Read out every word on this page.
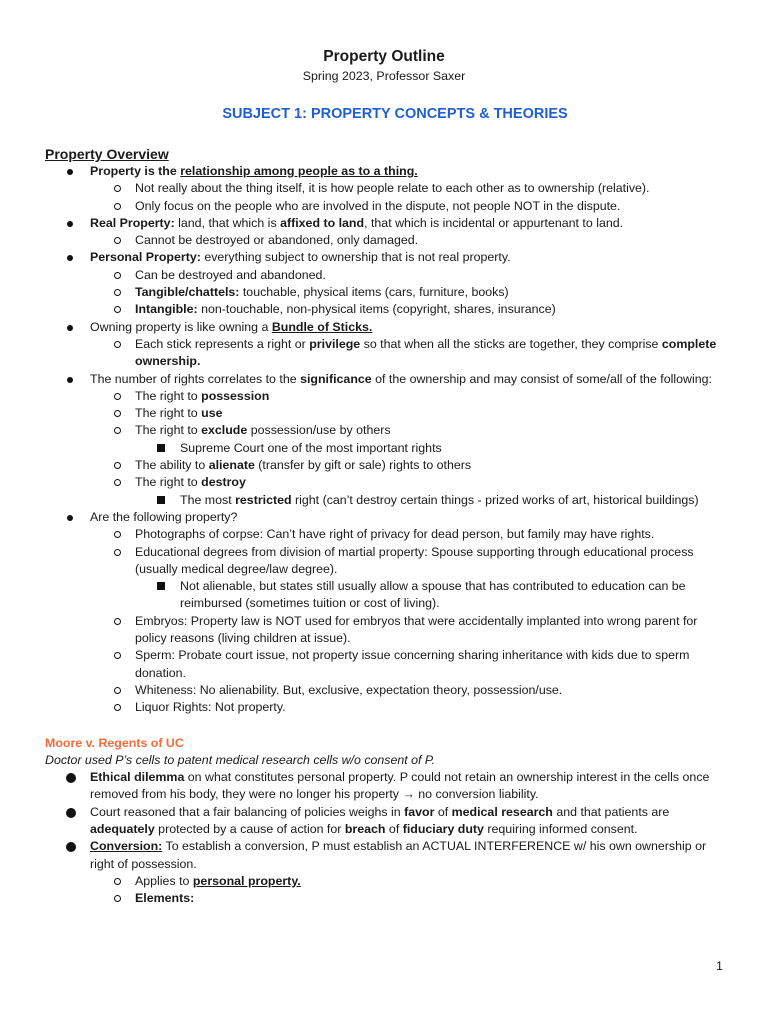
Property Outline
Spring 2023, Professor Saxer
SUBJECT 1: PROPERTY CONCEPTS & THEORIES
Property Overview
Property is the relationship among people as to a thing.
Not really about the thing itself, it is how people relate to each other as to ownership (relative).
Only focus on the people who are involved in the dispute, not people NOT in the dispute.
Real Property: land, that which is affixed to land, that which is incidental or appurtenant to land.
Cannot be destroyed or abandoned, only damaged.
Personal Property: everything subject to ownership that is not real property.
Can be destroyed and abandoned.
Tangible/chattels: touchable, physical items (cars, furniture, books)
Intangible: non-touchable, non-physical items (copyright, shares, insurance)
Owning property is like owning a Bundle of Sticks.
Each stick represents a right or privilege so that when all the sticks are together, they comprise complete ownership.
The number of rights correlates to the significance of the ownership and may consist of some/all of the following:
The right to possession
The right to use
The right to exclude possession/use by others
Supreme Court one of the most important rights
The ability to alienate (transfer by gift or sale) rights to others
The right to destroy
The most restricted right (can’t destroy certain things - prized works of art, historical buildings)
Are the following property?
Photographs of corpse: Can’t have right of privacy for dead person, but family may have rights.
Educational degrees from division of martial property: Spouse supporting through educational process (usually medical degree/law degree).
Not alienable, but states still usually allow a spouse that has contributed to education can be reimbursed (sometimes tuition or cost of living).
Embryos: Property law is NOT used for embryos that were accidentally implanted into wrong parent for policy reasons (living children at issue).
Sperm: Probate court issue, not property issue concerning sharing inheritance with kids due to sperm donation.
Whiteness: No alienability. But, exclusive, expectation theory, possession/use.
Liquor Rights: Not property.
Moore v. Regents of UC
Doctor used P’s cells to patent medical research cells w/o consent of P.
Ethical dilemma on what constitutes personal property. P could not retain an ownership interest in the cells once removed from his body, they were no longer his property → no conversion liability.
Court reasoned that a fair balancing of policies weighs in favor of medical research and that patients are adequately protected by a cause of action for breach of fiduciary duty requiring informed consent.
Conversion: To establish a conversion, P must establish an ACTUAL INTERFERENCE w/ his own ownership or right of possession.
Applies to personal property.
Elements:
1
